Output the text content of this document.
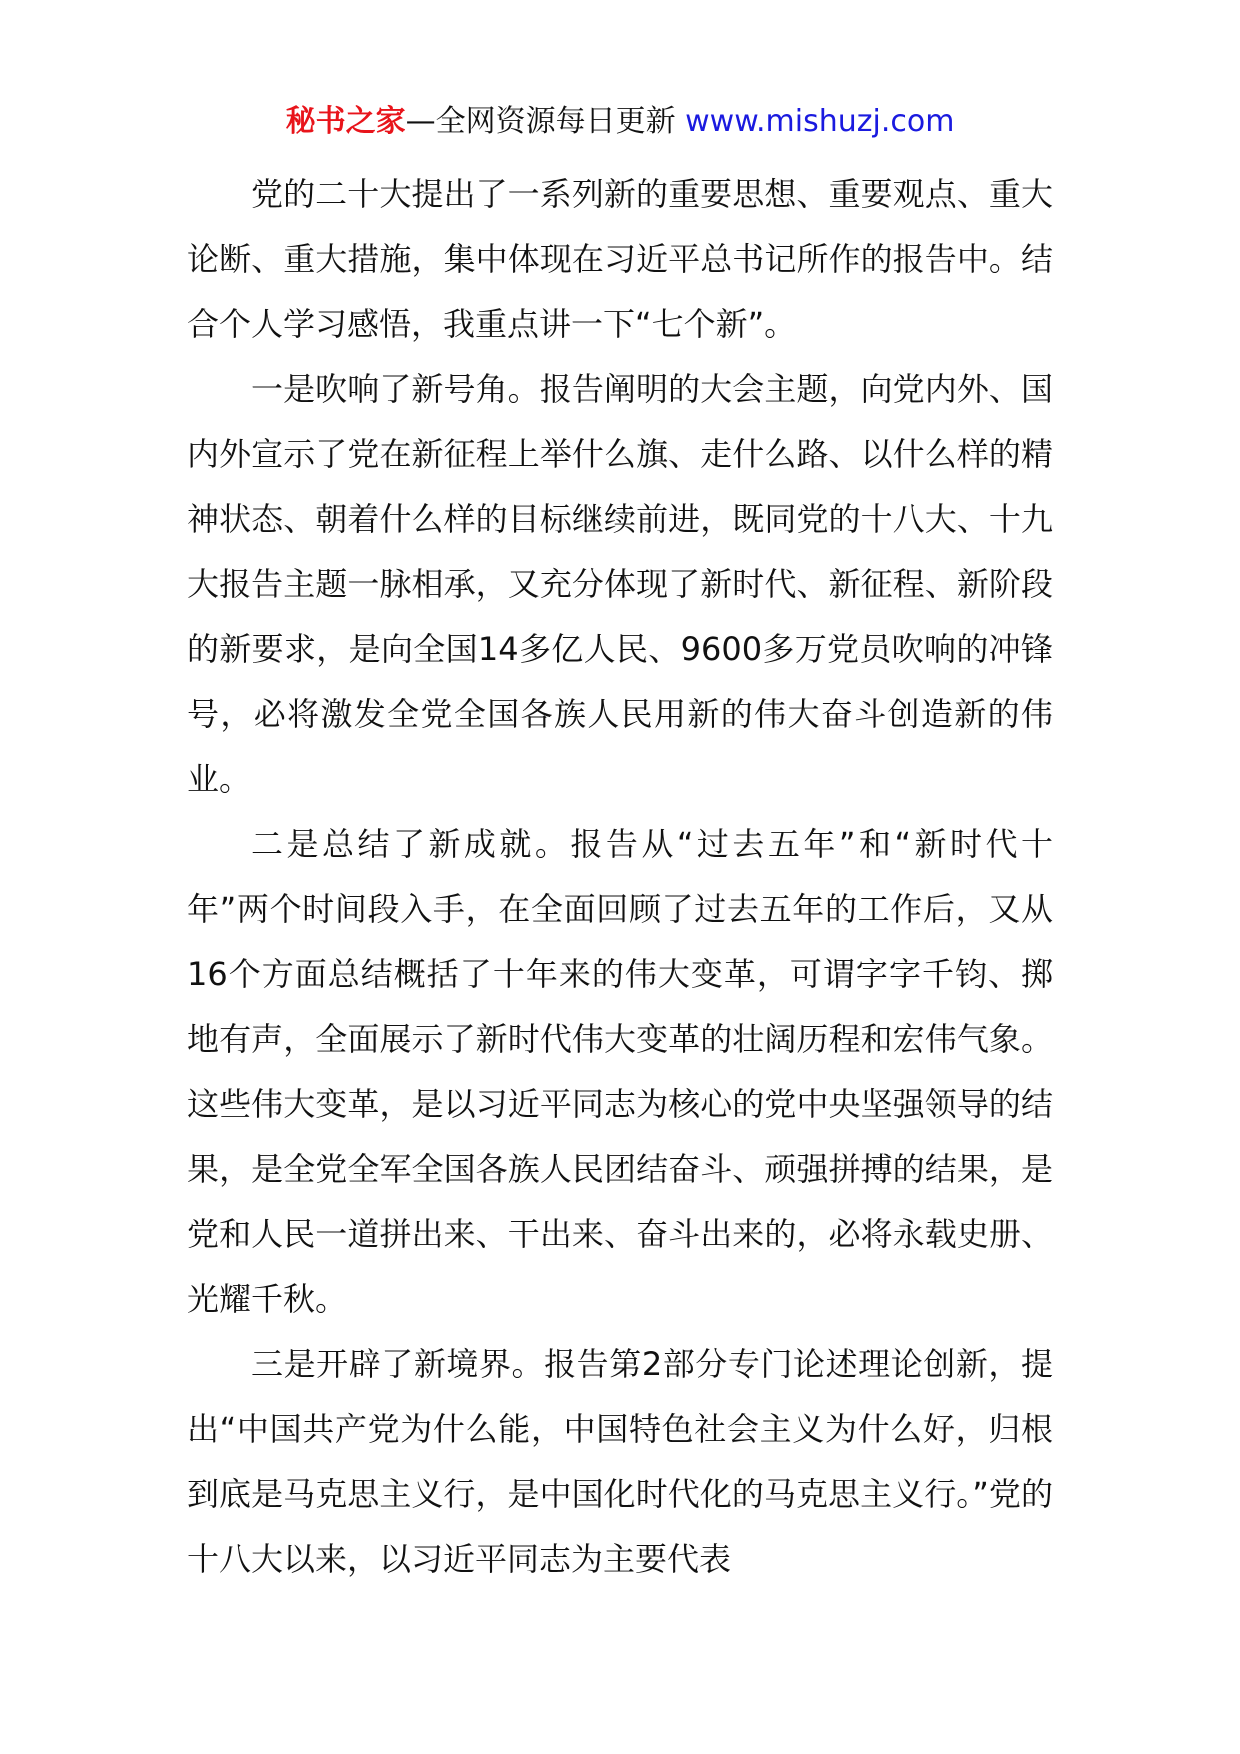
秘书之家—全网资源每日更新 www.mishuzj.com

党的二十大提出了一系列新的重要思想、重要观点、重大论断、重大措施，集中体现在习近平总书记所作的报告中。结合个人学习感悟，我重点讲一下“七个新”。

一是吹响了新号角。报告阐明的大会主题，向党内外、国内外宣示了党在新征程上举什么旗、走什么路、以什么样的精神状态、朝着什么样的目标继续前进，既同党的十八大、十九大报告主题一脉相承，又充分体现了新时代、新征程、新阶段的新要求，是向全国14多亿人民、9600多万党员吹响的冲锋号，必将激发全党全国各族人民用新的伟大奋斗创造新的伟业。

二是总结了新成就。报告从“过去五年”和“新时代十年”两个时间段入手，在全面回顾了过去五年的工作后，又从16个方面总结概括了十年来的伟大变革，可谓字字千钧、掷地有声，全面展示了新时代伟大变革的壮阔历程和宏伟气象。这些伟大变革，是以习近平同志为核心的党中央坚强领导的结果，是全党全军全国各族人民团结奋斗、顽强拼搏的结果，是党和人民一道拼出来、干出来、奋斗出来的，必将永载史册、光耀千秋。

三是开辟了新境界。报告第2部分专门论述理论创新，提出“中国共产党为什么能，中国特色社会主义为什么好，归根到底是马克思主义行，是中国化时代化的马克思主义行。”党的十八大以来，以习近平同志为主要代表
